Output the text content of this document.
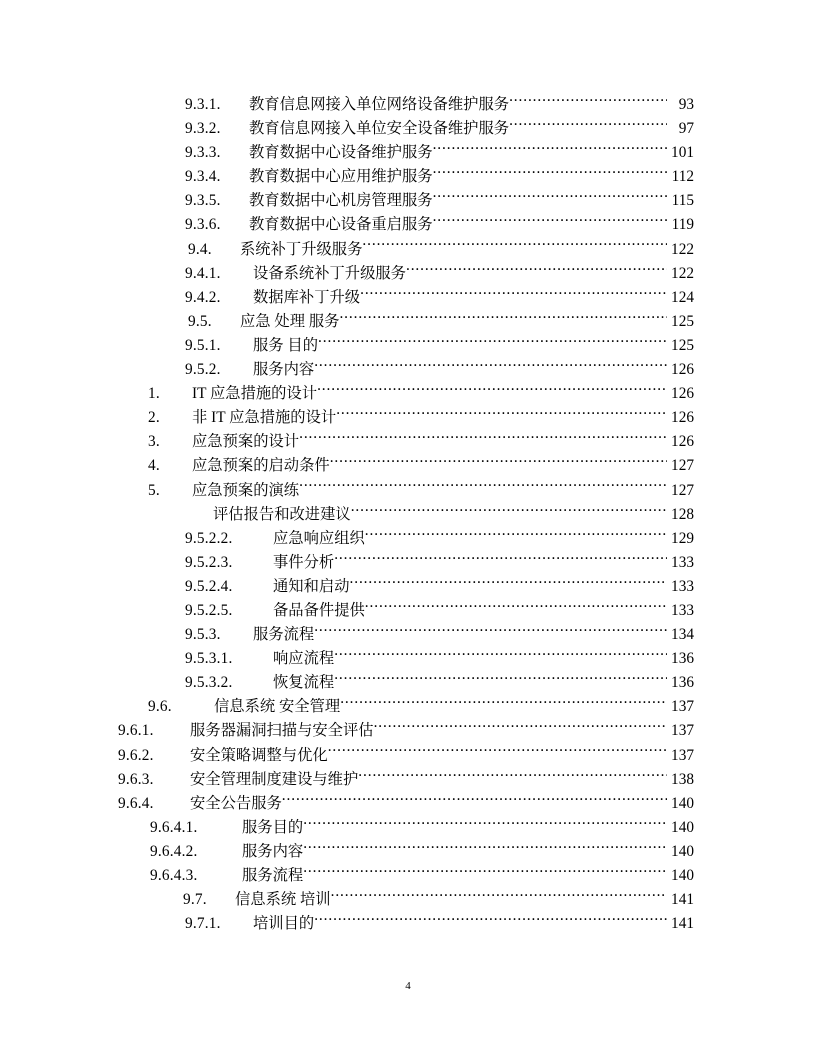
9.3.1.	教育信息网接入单位网络设备维护服务 .....	93
9.3.2.	教育信息网接入单位安全设备维护服务 .....	97
9.3.3.	教育数据中心设备维护服务 .....	101
9.3.4.	教育数据中心应用维护服务 .....	112
9.3.5.	教育数据中心机房管理服务 .....	115
9.3.6.	教育数据中心设备重启服务 .....	119
9.4.	系统补丁升级服务 .....	122
9.4.1.	设备系统补丁升级服务 .....	122
9.4.2.	数据库补丁升级 .....	124
9.5.	应急 处理 服务 .....	125
9.5.1.	服务 目的 .....	125
9.5.2.	服务内容 .....	126
1.	IT 应急措施的设计 .....	126
2.	非 IT 应急措施的设计 .....	126
3.	应急预案的设计 .....	126
4.	应急预案的启动条件 .....	127
5.	应急预案的演练 .....	127
评估报告和改进建议 .....	128
9.5.2.2.	应急响应组织 .....	129
9.5.2.3.	事件分析 .....	133
9.5.2.4.	通知和启动 .....	133
9.5.2.5.	备品备件提供 .....	133
9.5.3.	服务流程 .....	134
9.5.3.1.	响应流程 .....	136
9.5.3.2.	恢复流程 .....	136
9.6.	信息系统 安全管理 .....	137
9.6.1.	服务器漏洞扫描与安全评估 .....	137
9.6.2.	安全策略调整与优化 .....	137
9.6.3.	安全管理制度建设与维护 .....	138
9.6.4.	安全公告服务 .....	140
9.6.4.1.	服务目的 .....	140
9.6.4.2.	服务内容 .....	140
9.6.4.3.	服务流程 .....	140
9.7.	信息系统 培训 .....	141
9.7.1.	培训目的 .....	141
4
